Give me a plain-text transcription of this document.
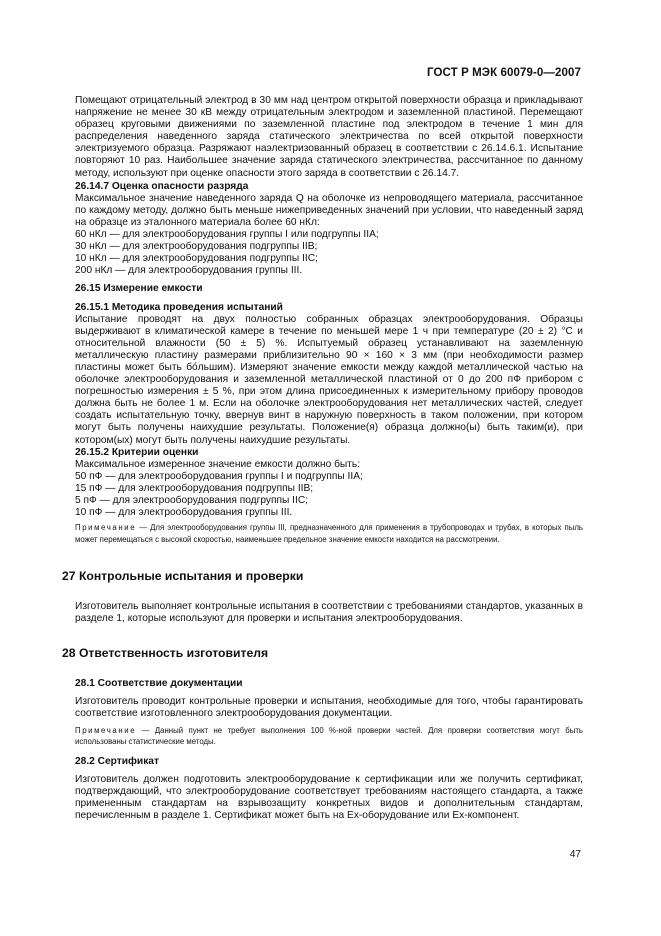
ГОСТ Р МЭК 60079-0—2007

Помещают отрицательный электрод в 30 мм над центром открытой поверхности образца и прикладывают напряжение не менее 30 кВ между отрицательным электродом и заземленной пластиной. Перемещают образец круговыми движениями по заземленной пластине под электродом в течение 1 мин для распределения наведенного заряда статического электричества по всей открытой поверхности электризуемого образца. Разряжают наэлектризованный образец в соответствии с 26.14.6.1. Испытание повторяют 10 раз. Наибольшее значение заряда статического электричества, рассчитанное по данному методу, используют при оценке опасности этого заряда в соответствии с 26.14.7.

26.14.7 Оценка опасности разряда

Максимальное значение наведенного заряда Q на оболочке из непроводящего материала, рассчитанное по каждому методу, должно быть меньше нижеприведенных значений при условии, что наведенный заряд на образце из эталонного материала более 60 нКл:

60 нКл — для электрооборудования группы I или подгруппы IIA;

30 нКл — для электрооборудования подгруппы IIB;

10 нКл — для электрооборудования подгруппы IIC;

200 нКл — для электрооборудования группы III.

26.15 Измерение емкости

26.15.1 Методика проведения испытаний

Испытание проводят на двух полностью собранных образцах электрооборудования. Образцы выдерживают в климатической камере в течение по меньшей мере 1 ч при температуре (20 ± 2) °C и относительной влажности (50 ± 5) %. Испытуемый образец устанавливают на заземленную металлическую пластину размерами приблизительно 90 × 160 × 3 мм (при необходимости размер пластины может быть бо́льшим). Измеряют значение емкости между каждой металлической частью на оболочке электрооборудования и заземленной металлической пластиной от 0 до 200 пФ прибором с погрешностью измерения ± 5 %, при этом длина присоединенных к измерительному прибору проводов должна быть не более 1 м. Если на оболочке электрооборудования нет металлических частей, следует создать испытательную точку, ввернув винт в наружную поверхность в таком положении, при котором могут быть получены наихудшие результаты. Положение(я) образца должно(ы) быть таким(и), при котором(ых) могут быть получены наихудшие результаты.

26.15.2 Критерии оценки

Максимальное измеренное значение емкости должно быть:

50 пФ — для электрооборудования группы I и подгруппы IIA;

15 пФ — для электрооборудования подгруппы IIB;

5 пФ — для электрооборудования подгруппы IIC;

10 пФ — для электрооборудования группы III.

Примечание — Для электрооборудования группы III, предназначенного для применения в трубопроводах и трубах, в которых пыль может перемещаться с высокой скоростью, наименьшее предельное значение емкости находится на рассмотрении.

27 Контрольные испытания и проверки

Изготовитель выполняет контрольные испытания в соответствии с требованиями стандартов, указанных в разделе 1, которые используют для проверки и испытания электрооборудования.

28 Ответственность изготовителя

28.1 Соответствие документации

Изготовитель проводит контрольные проверки и испытания, необходимые для того, чтобы гарантировать соответствие изготовленного электрооборудования документации.

Примечание — Данный пункт не требует выполнения 100 %-ной проверки частей. Для проверки соответствия могут быть использованы статистические методы.

28.2 Сертификат

Изготовитель должен подготовить электрооборудование к сертификации или же получить сертификат, подтверждающий, что электрооборудование соответствует требованиям настоящего стандарта, а также примененным стандартам на взрывозащиту конкретных видов и дополнительным стандартам, перечисленным в разделе 1. Сертификат может быть на Ex-оборудование или Ex-компонент.

47
